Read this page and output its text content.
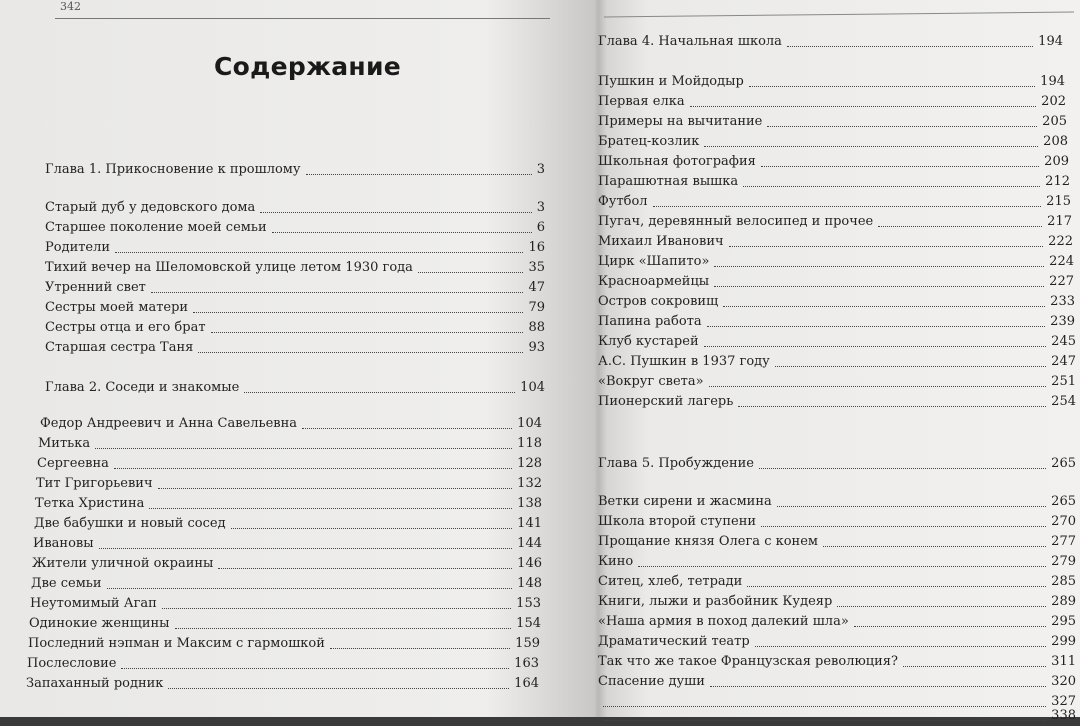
342
Содержание
Глава 1. Прикосновение к прошлому	3
Старый дуб у дедовского дома	3
Старшее поколение моей семьи	6
Родители	16
Тихий вечер на Шеломовской улице летом 1930 года	35
Утренний свет	47
Сестры моей матери	79
Сестры отца и его брат	88
Старшая сестра Таня	93
Глава 2. Соседи и знакомые	104
Федор Андреевич и Анна Савельевна	104
Митька	118
Сергеевна	128
Тит Григорьевич	132
Тетка Христина	138
Две бабушки и новый сосед	141
Ивановы	144
Жители уличной окраины	146
Две семьи	148
Неутомимый Агап	153
Одинокие женщины	154
Последний нэпман и Максим с гармошкой	159
Послесловие	163
Запаханный родник	164
Глава 4. Начальная школа	194
Пушкин и Мойдодыр	194
Первая елка	202
Примеры на вычитание	205
Братец-козлик	208
Школьная фотография	209
Парашютная вышка	212
Футбол	215
Пугач, деревянный велосипед и прочее	217
Михаил Иванович	222
Цирк «Шапито»	224
Красноармейцы	227
Остров сокровищ	233
Папина работа	239
Клуб кустарей	245
А.С. Пушкин в 1937 году	247
«Вокруг света»	251
Пионерский лагерь	254
Глава 5. Пробуждение	265
Ветки сирени и жасмина	265
Школа второй ступени	270
Прощание князя Олега с конем	277
Кино	279
Ситец, хлеб, тетради	285
Книги, лыжи и разбойник Кудеяр	289
«Наша армия в поход далекий шла»	295
Драматический театр	299
Так что же такое Французская революция?	311
Спасение души	320
327
338
